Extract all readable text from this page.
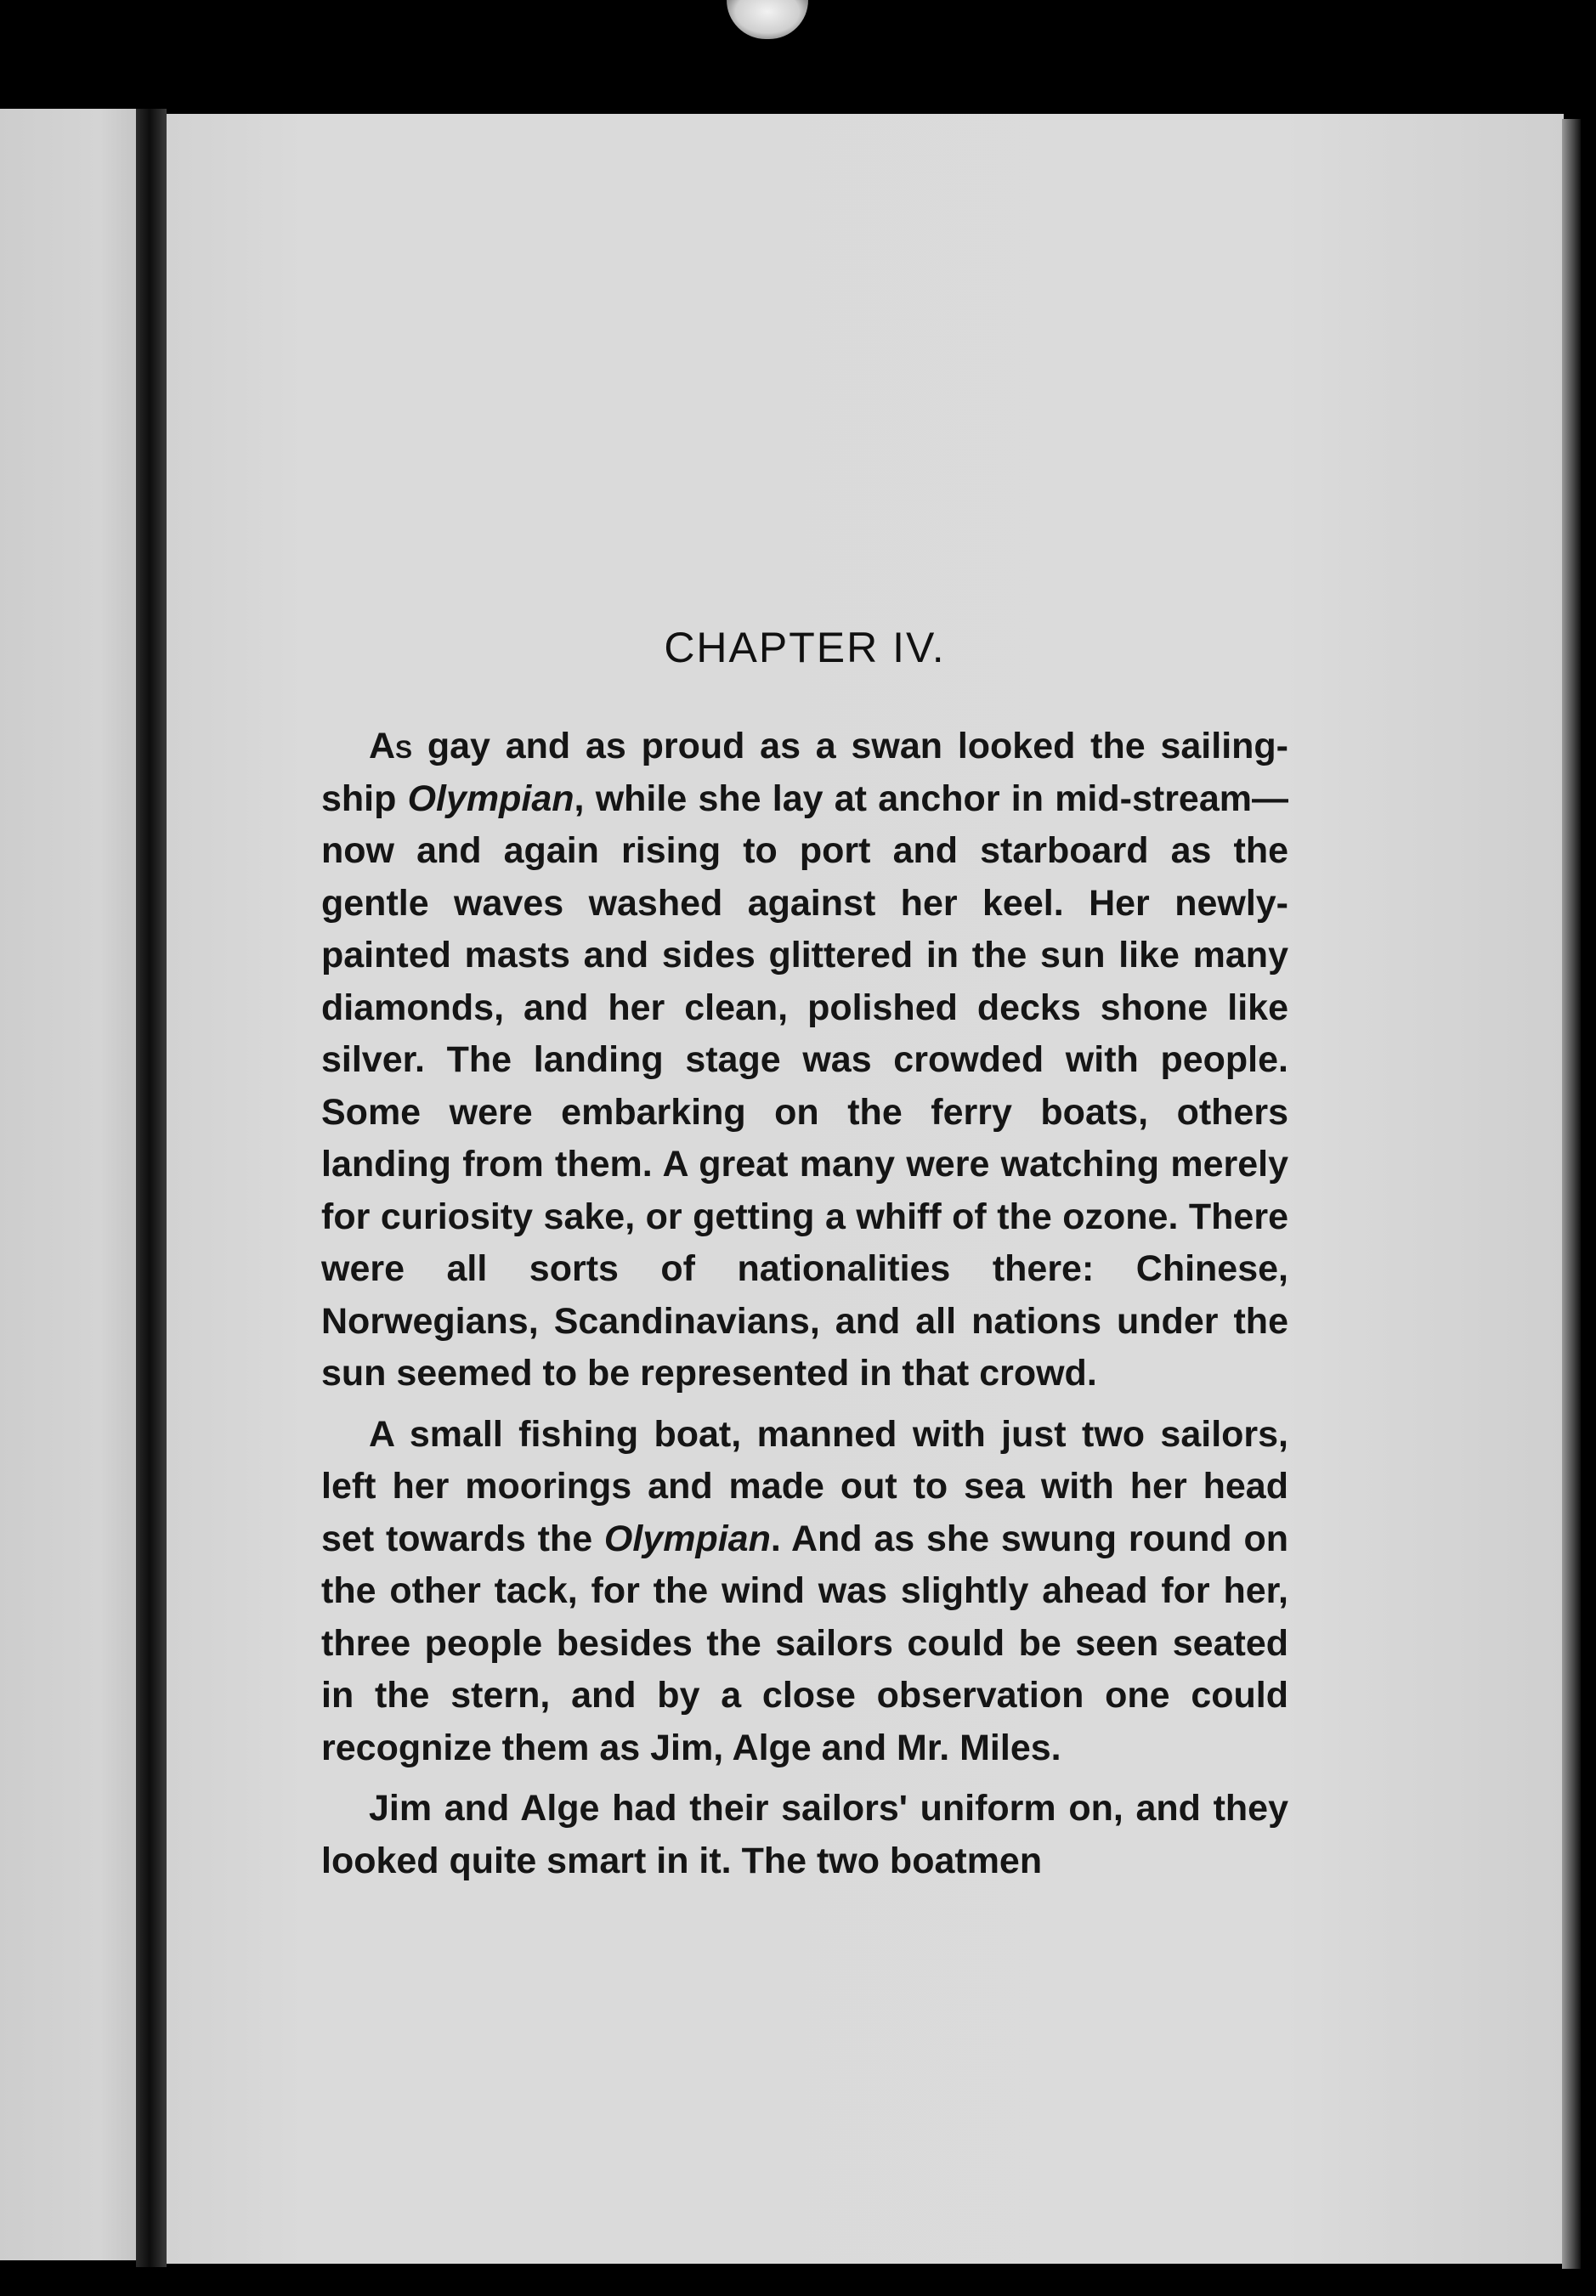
CHAPTER IV.

As gay and as proud as a swan looked the sailing-ship Olympian, while she lay at anchor in mid-stream—now and again rising to port and starboard as the gentle waves washed against her keel. Her newly-painted masts and sides glittered in the sun like many diamonds, and her clean, polished decks shone like silver. The landing stage was crowded with people. Some were embarking on the ferry boats, others landing from them. A great many were watching merely for curiosity sake, or getting a whiff of the ozone. There were all sorts of nationalities there: Chinese, Norwegians, Scandinavians, and all nations under the sun seemed to be represented in that crowd.

A small fishing boat, manned with just two sailors, left her moorings and made out to sea with her head set towards the Olympian. And as she swung round on the other tack, for the wind was slightly ahead for her, three people besides the sailors could be seen seated in the stern, and by a close observation one could recognize them as Jim, Alge and Mr. Miles.

Jim and Alge had their sailors' uniform on, and they looked quite smart in it. The two boatmen
